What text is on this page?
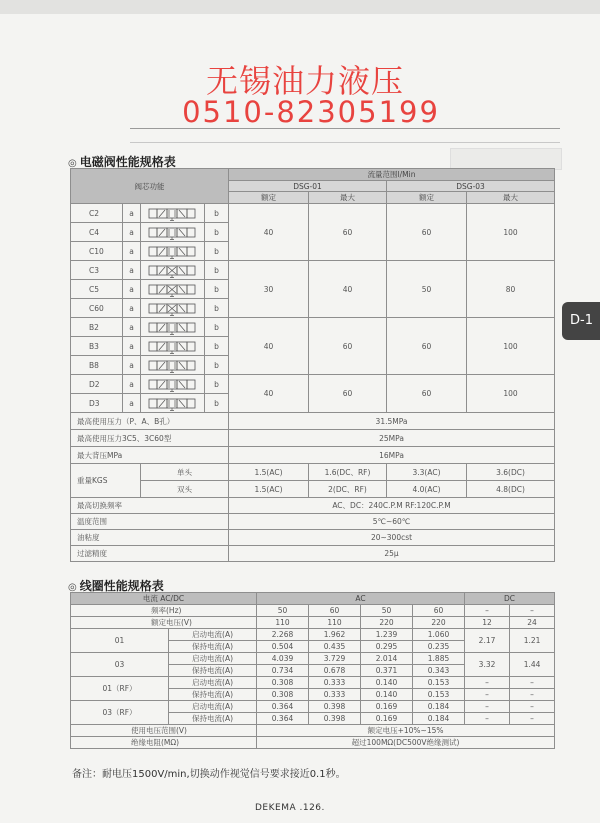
无锡油力液压
0510-82305199
D-1
◎ 电磁阀性能规格表
阀芯功能				流量范围l/Min			
				DSG-01		DSG-03	
				额定	最大	额定	最大
C2	a		b	40	60	60	100
C4	a		b				
C10	a		b				
C3	a		b	30	40	50	80
C5	a		b				
C60	a		b				
B2	a		b	40	60	60	100
B3	a		b				
B8	a		b				
D2	a		b	40	60	60	100
D3	a		b				
最高使用压力（P、A、B孔）				31.5MPa			
最高使用压力3C5、3C60型				25MPa			
最大背压MPa				16MPa			
重量KGS		单头		1.5(AC)	1.6(DC、RF)	3.3(AC)	3.6(DC)
		双头		1.5(AC)	2(DC、RF)	4.0(AC)	4.8(DC)
最高切换频率				AC、DC：240C.P.M RF:120C.P.M			
温度范围				5℃~60℃			
油粘度				20~300cst			
过滤精度				25μ			
◎ 线圈性能规格表
电流 AC/DC		AC				DC	
频率(Hz)		50	60	50	60	–	–
额定电压(V)		110	110	220	220	12	24
01	启动电流(A)	2.268	1.962	1.239	1.060	2.17	1.21
	保持电流(A)	0.504	0.435	0.295	0.235		
03	启动电流(A)	4.039	3.729	2.014	1.885	3.32	1.44
	保持电流(A)	0.734	0.678	0.371	0.343		
01（RF）	启动电流(A)	0.308	0.333	0.140	0.153	–	–
	保持电流(A)	0.308	0.333	0.140	0.153	–	–
03（RF）	启动电流(A)	0.364	0.398	0.169	0.184	–	–
	保持电流(A)	0.364	0.398	0.169	0.184	–	–
使用电压范围(V)		额定电压+10%~15%					
绝缘电阻(MΩ)		超过100MΩ(DC500V绝缘测试)					
备注：耐电压1500V/min,切换动作视觉信号要求接近0.1秒。
DEKEMA .126.
